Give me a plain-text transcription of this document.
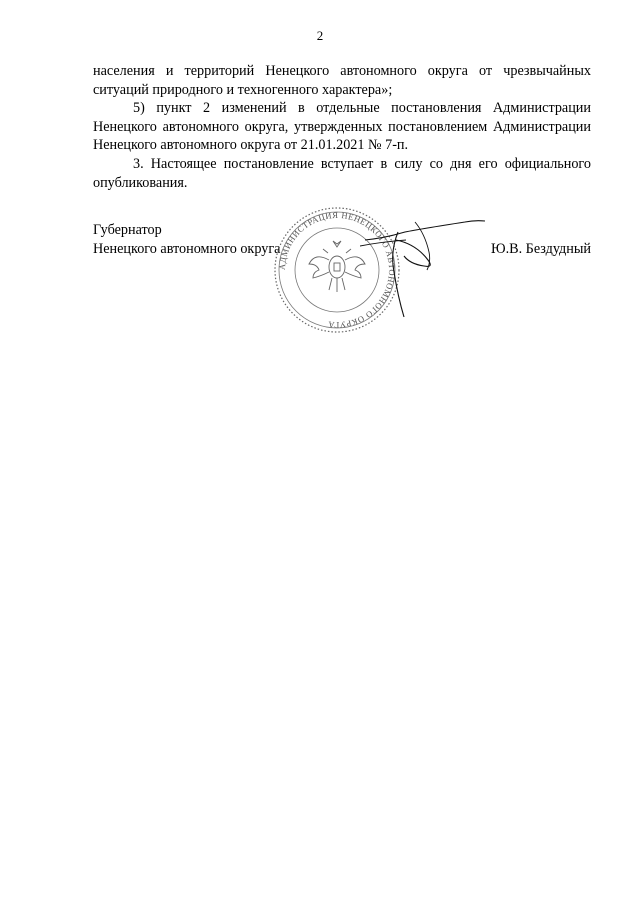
2

населения и территорий Ненецкого автономного округа от чрезвычайных ситуаций природного и техногенного характера»;

5) пункт 2 изменений в отдельные постановления Администрации Ненецкого автономного округа, утвержденных постановлением Администрации Ненецкого автономного округа от 21.01.2021 № 7-п.

3. Настоящее постановление вступает в силу со дня его официального опубликования.

Губернатор
Ненецкого автономного округа	Ю.В. Бездудный
АДМИНИСТРАЦИЯ НЕНЕЦКОГО АВТОНОМНОГО ОКРУГА
